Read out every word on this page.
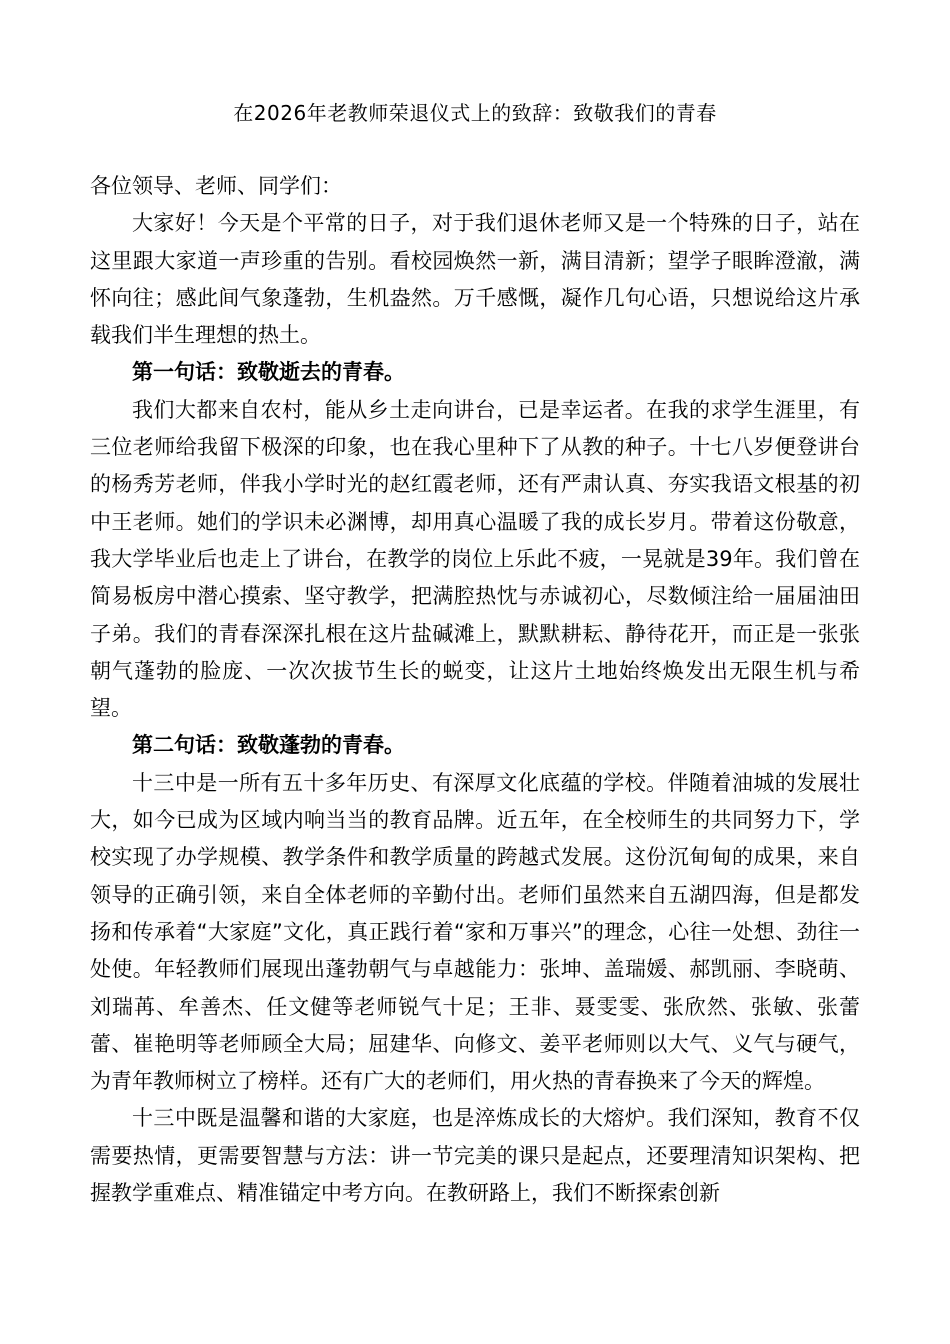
在2026年老教师荣退仪式上的致辞：致敬我们的青春

各位领导、老师、同学们：

大家好！今天是个平常的日子，对于我们退休老师又是一个特殊的日子，站在这里跟大家道一声珍重的告别。看校园焕然一新，满目清新；望学子眼眸澄澈，满怀向往；感此间气象蓬勃，生机盎然。万千感慨，凝作几句心语，只想说给这片承载我们半生理想的热土。

第一句话：致敬逝去的青春。

我们大都来自农村，能从乡土走向讲台，已是幸运者。在我的求学生涯里，有三位老师给我留下极深的印象，也在我心里种下了从教的种子。十七八岁便登讲台的杨秀芳老师，伴我小学时光的赵红霞老师，还有严肃认真、夯实我语文根基的初中王老师。她们的学识未必渊博，却用真心温暖了我的成长岁月。带着这份敬意，我大学毕业后也走上了讲台，在教学的岗位上乐此不疲，一晃就是39年。我们曾在简易板房中潜心摸索、坚守教学，把满腔热忱与赤诚初心，尽数倾注给一届届油田子弟。我们的青春深深扎根在这片盐碱滩上，默默耕耘、静待花开，而正是一张张朝气蓬勃的脸庞、一次次拔节生长的蜕变，让这片土地始终焕发出无限生机与希望。

第二句话：致敬蓬勃的青春。

十三中是一所有五十多年历史、有深厚文化底蕴的学校。伴随着油城的发展壮大，如今已成为区域内响当当的教育品牌。近五年，在全校师生的共同努力下，学校实现了办学规模、教学条件和教学质量的跨越式发展。这份沉甸甸的成果，来自领导的正确引领，来自全体老师的辛勤付出。老师们虽然来自五湖四海，但是都发扬和传承着“大家庭”文化，真正践行着“家和万事兴”的理念，心往一处想、劲往一处使。年轻教师们展现出蓬勃朝气与卓越能力：张坤、盖瑞媛、郝凯丽、李晓萌、刘瑞苒、牟善杰、任文健等老师锐气十足；王非、聂雯雯、张欣然、张敏、张蕾蕾、崔艳明等老师顾全大局；屈建华、向修文、姜平老师则以大气、义气与硬气，为青年教师树立了榜样。还有广大的老师们，用火热的青春换来了今天的辉煌。

十三中既是温馨和谐的大家庭，也是淬炼成长的大熔炉。我们深知，教育不仅需要热情，更需要智慧与方法：讲一节完美的课只是起点，还要理清知识架构、把握教学重难点、精准锚定中考方向。在教研路上，我们不断探索创新
